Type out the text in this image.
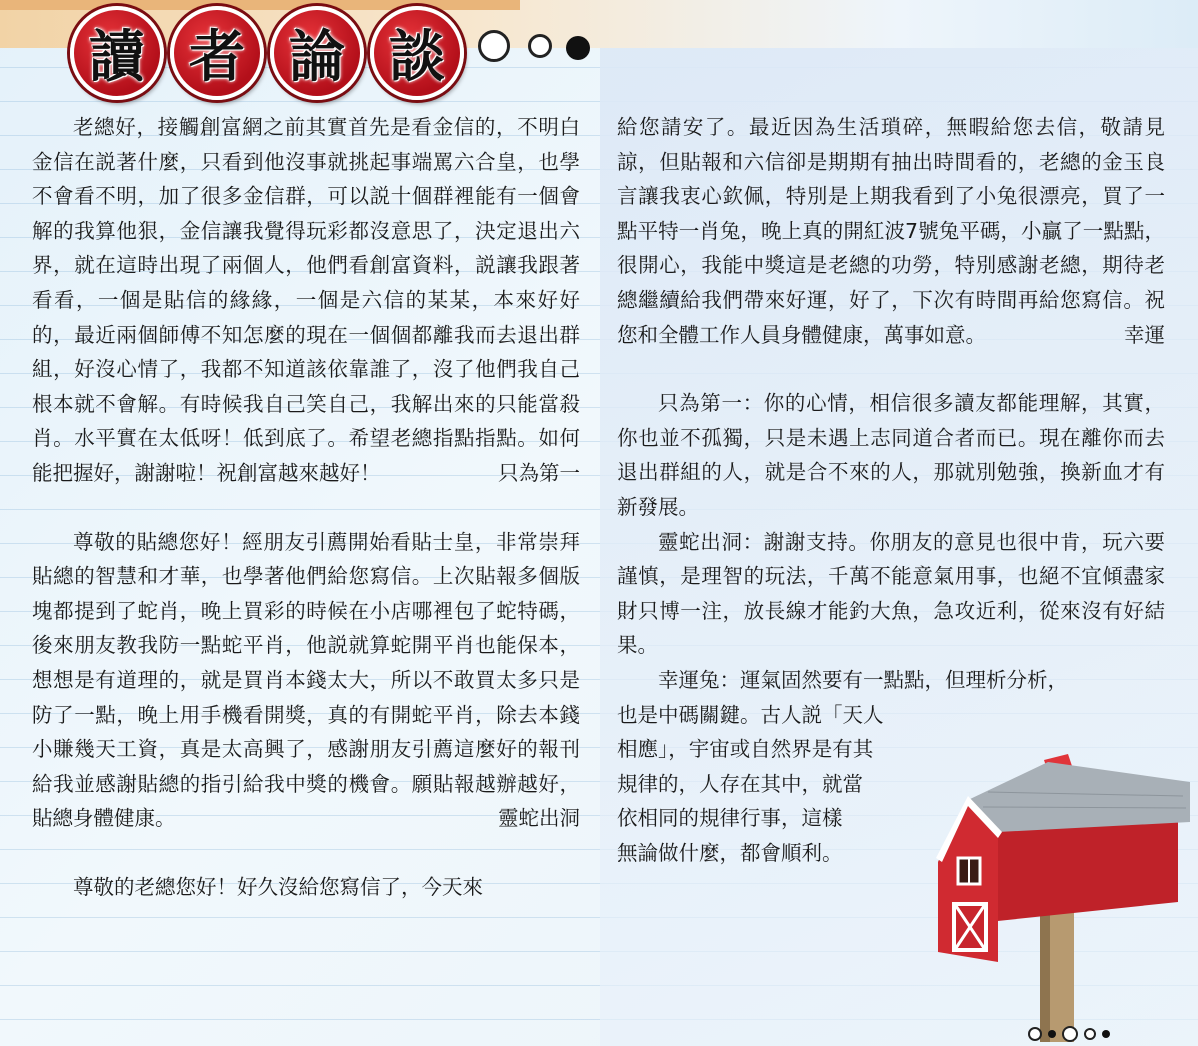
讀 者 論 談

老總好，接觸創富網之前其實首先是看金信的，不明白金信在説著什麼，只看到他沒事就挑起事端罵六合皇，也學不會看不明，加了很多金信群，可以説十個群裡能有一個會解的我算他狠，金信讓我覺得玩彩都沒意思了，決定退出六界，就在這時出現了兩個人，他們看創富資料，説讓我跟著看看，一個是貼信的緣緣，一個是六信的某某，本來好好的，最近兩個師傅不知怎麼的現在一個個都離我而去退出群組，好沒心情了，我都不知道該依靠誰了，沒了他們我自己根本就不會解。有時候我自己笑自己，我解出來的只能當殺肖。水平實在太低呀！低到底了。希望老總指點指點。如何能把握好，謝謝啦！祝創富越來越好！	只為第一

尊敬的貼總您好！經朋友引薦開始看貼士皇，非常崇拜貼總的智慧和才華，也學著他們給您寫信。上次貼報多個版塊都提到了蛇肖，晚上買彩的時候在小店哪裡包了蛇特碼，後來朋友教我防一點蛇平肖，他説就算蛇開平肖也能保本，想想是有道理的，就是買肖本錢太大，所以不敢買太多只是防了一點，晚上用手機看開獎，真的有開蛇平肖，除去本錢小賺幾天工資，真是太高興了，感謝朋友引薦這麼好的報刊給我並感謝貼總的指引給我中獎的機會。願貼報越辦越好，貼總身體健康。	靈蛇出洞

尊敬的老總您好！好久沒給您寫信了，今天來

給您請安了。最近因為生活瑣碎，無暇給您去信，敬請見諒，但貼報和六信卻是期期有抽出時間看的，老總的金玉良言讓我衷心欽佩，特別是上期我看到了小兔很漂亮，買了一點平特一肖兔，晚上真的開紅波7號兔平碼，小贏了一點點，很開心，我能中獎這是老總的功勞，特別感謝老總，期待老總繼續給我們帶來好運，好了，下次有時間再給您寫信。祝您和全體工作人員身體健康，萬事如意。	幸運

只為第一：你的心情，相信很多讀友都能理解，其實，你也並不孤獨，只是未遇上志同道合者而已。現在離你而去退出群組的人，就是合不來的人，那就別勉強，換新血才有新發展。

靈蛇出洞：謝謝支持。你朋友的意見也很中肯，玩六要謹慎，是理智的玩法，千萬不能意氣用事，也絕不宜傾盡家財只博一注，放長線才能釣大魚，急攻近利，從來沒有好結果。

幸運兔：運氣固然要有一點點，但理析分析，

也是中碼關鍵。古人説「天人

相應」，宇宙或自然界是有其

規律的，人存在其中，就當

依相同的規律行事，這樣

無論做什麼，都會順利。
